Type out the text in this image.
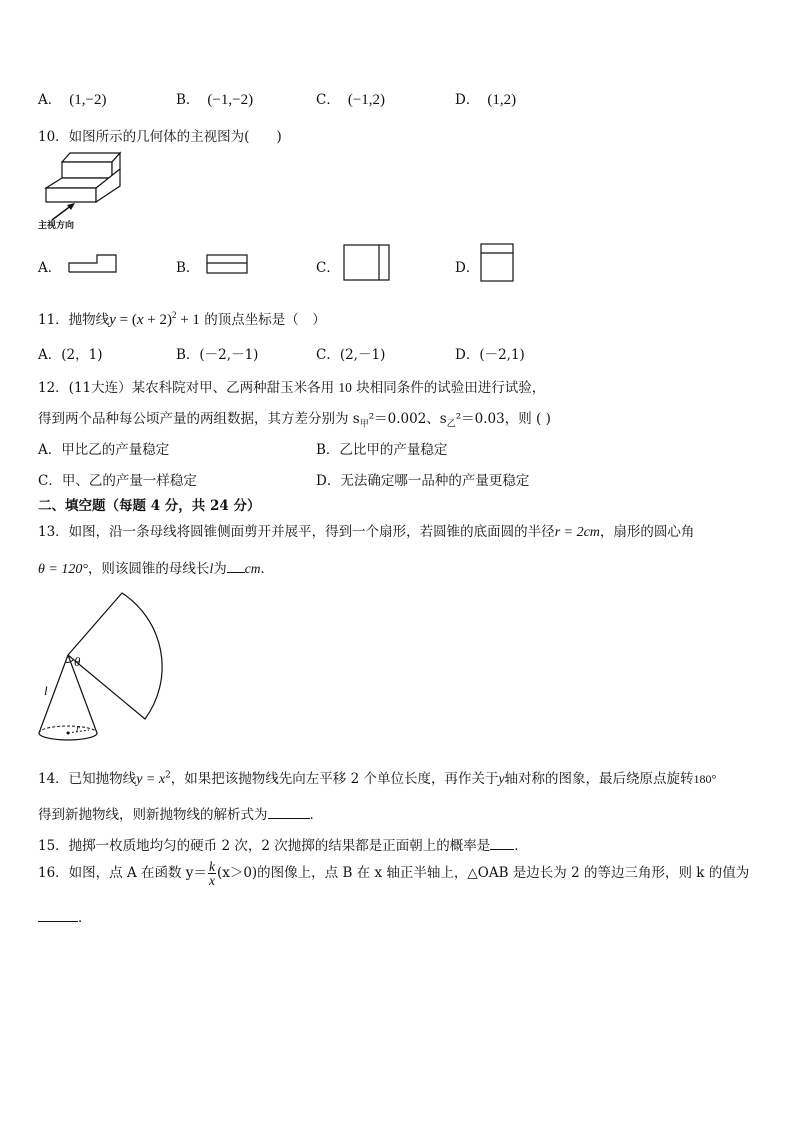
A． (1,−2)	B． (−1,−2)	C． (−1,2)	D． (1,2)
10．如图所示的几何体的主视图为(　　)
主视方向
A．	B．	C．	D．
11．抛物线$y = (x + 2)^2 + 1$ 的顶点坐标是（　）
A．(2，1)	B．(－2,－1)	C．(2,－1)	D．(－2,1)
12．(11大连）某农科院对甲、乙两种甜玉米各用 10 块相同条件的试验田进行试验，
得到两个品种每公顷产量的两组数据，其方差分别为 $s_甲^2=0.002$、$s_乙^2=0.03$，则 ( )
A．甲比乙的产量稳定	B．乙比甲的产量稳定
C．甲、乙的产量一样稳定	D．无法确定哪一品种的产量更稳定
二、填空题（每题 4 分，共 24 分）
13．如图，沿一条母线将圆锥侧面剪开并展平，得到一个扇形，若圆锥的底面圆的半径r = 2cm，扇形的圆心角
θ = 120°，则该圆锥的母线长l为 cm．
θ
l
r
14．已知抛物线$y = x^2$，如果把该抛物线先向左平移 2 个单位长度，再作关于y轴对称的图象，最后绕原点旋转180°
得到新抛物线，则新抛物线的解析式为	．
15．抛掷一枚质地均匀的硬币 2 次，2 次抛掷的结果都是正面朝上的概率是 ．
16．如图，点 A 在函数 $y= \frac{k}{x} (x>0)$的图像上，点 B 在 x 轴正半轴上，△OAB 是边长为 2 的等边三角形，则 k 的值为
．
